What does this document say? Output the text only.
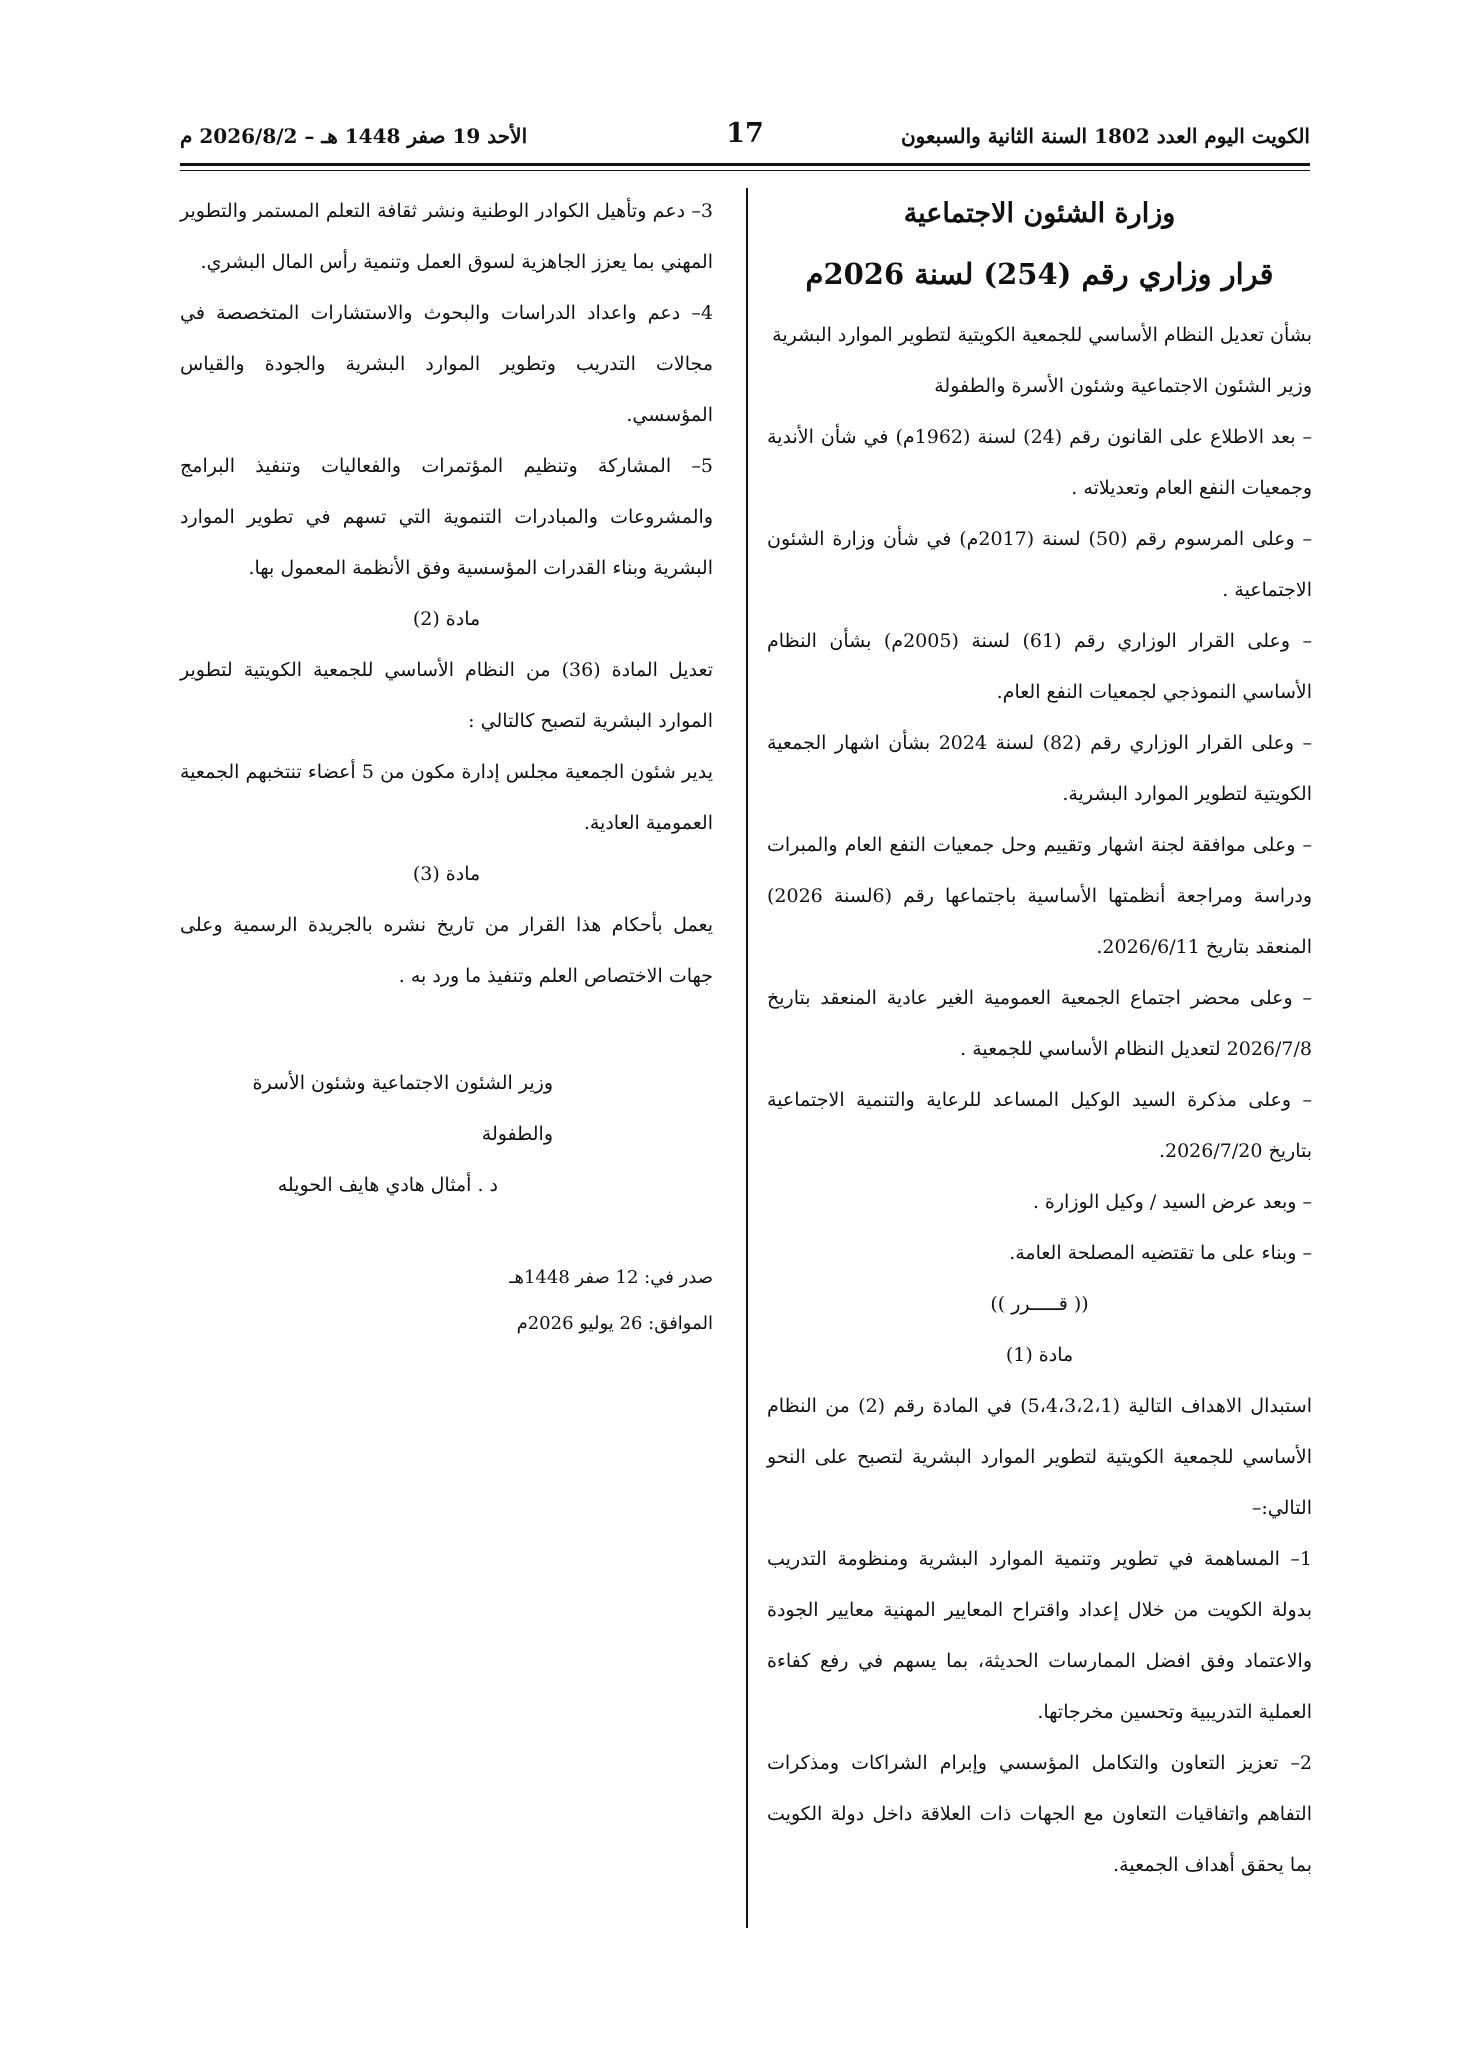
الكويت اليوم العدد 1802 السنة الثانية والسبعون
17
الأحد 19 صفر 1448 هـ – 2026/8/2 م

وزارة الشئون الاجتماعية

قرار وزاري رقم (254) لسنة 2026م

بشأن تعديل النظام الأساسي للجمعية الكويتية لتطوير الموارد البشرية

وزير الشئون الاجتماعية وشئون الأسرة والطفولة

– بعد الاطلاع على القانون رقم (24) لسنة (1962م) في شأن الأندية وجمعيات النفع العام وتعديلاته .

– وعلى المرسوم رقم (50) لسنة (2017م) في شأن وزارة الشئون الاجتماعية .

– وعلى القرار الوزاري رقم (61) لسنة (2005م) بشأن النظام الأساسي النموذجي لجمعيات النفع العام.

– وعلى القرار الوزاري رقم (82) لسنة 2024 بشأن اشهار الجمعية الكويتية لتطوير الموارد البشرية.

– وعلى موافقة لجنة اشهار وتقييم وحل جمعيات النفع العام والمبرات ودراسة ومراجعة أنظمتها الأساسية باجتماعها رقم (6لسنة 2026) المنعقد بتاريخ 2026/6/11.

– وعلى محضر اجتماع الجمعية العمومية الغير عادية المنعقد بتاريخ 2026/7/8 لتعديل النظام الأساسي للجمعية .

– وعلى مذكرة السيد الوكيل المساعد للرعاية والتنمية الاجتماعية بتاريخ 2026/7/20.

– وبعد عرض السيد / وكيل الوزارة .

– وبناء على ما تقتضيه المصلحة العامة.

(( قـــــرر ))

مادة (1)

استبدال الاهداف التالية (5،4،3،2،1) في المادة رقم (2) من النظام الأساسي للجمعية الكويتية لتطوير الموارد البشرية لتصبح على النحو التالي:–

1– المساهمة في تطوير وتنمية الموارد البشرية ومنظومة التدريب بدولة الكويت من خلال إعداد واقتراح المعايير المهنية معايير الجودة والاعتماد وفق افضل الممارسات الحديثة، بما يسهم في رفع كفاءة العملية التدريبية وتحسين مخرجاتها.

2– تعزيز التعاون والتكامل المؤسسي وإبرام الشراكات ومذكرات التفاهم واتفاقيات التعاون مع الجهات ذات العلاقة داخل دولة الكويت بما يحقق أهداف الجمعية.

3– دعم وتأهيل الكوادر الوطنية ونشر ثقافة التعلم المستمر والتطوير المهني بما يعزز الجاهزية لسوق العمل وتنمية رأس المال البشري.

4– دعم واعداد الدراسات والبحوث والاستشارات المتخصصة في مجالات التدريب وتطوير الموارد البشرية والجودة والقياس المؤسسي.

5– المشاركة وتنظيم المؤتمرات والفعاليات وتنفيذ البرامج والمشروعات والمبادرات التنموية التي تسهم في تطوير الموارد البشرية وبناء القدرات المؤسسية وفق الأنظمة المعمول بها.

مادة (2)

تعديل المادة (36) من النظام الأساسي للجمعية الكويتية لتطوير الموارد البشرية لتصبح كالتالي :

يدير شئون الجمعية مجلس إدارة مكون من 5 أعضاء تنتخبهم الجمعية العمومية العادية.

مادة (3)

يعمل بأحكام هذا القرار من تاريخ نشره بالجريدة الرسمية وعلى جهات الاختصاص العلم وتنفيذ ما ورد به .

وزير الشئون الاجتماعية وشئون الأسرة والطفولة

د . أمثال هادي هايف الحويله

صدر في: 12 صفر 1448هـ

الموافق: 26 يوليو 2026م
